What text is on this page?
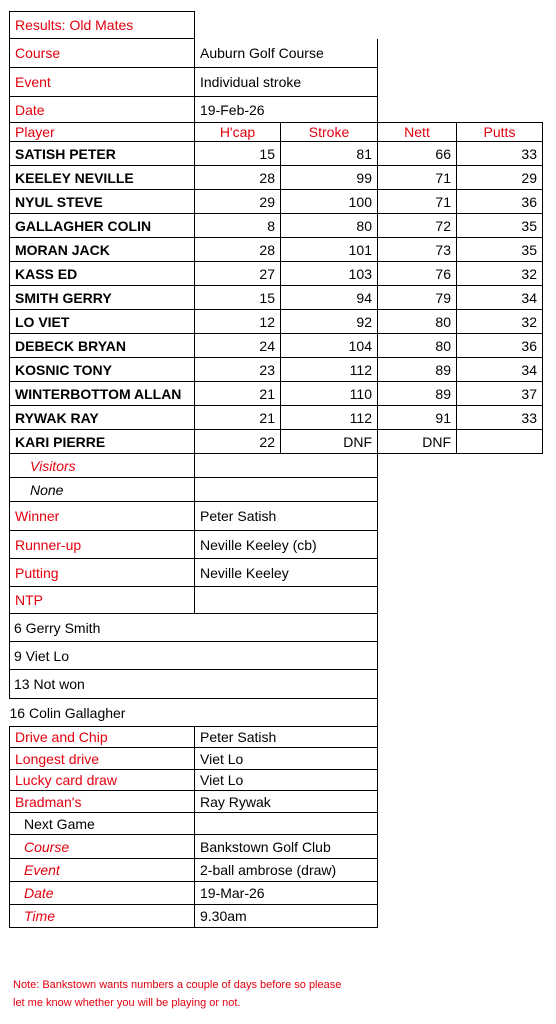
Results: Old Mates				
Course	Auburn Golf Course			
Event	Individual stroke			
Date	19-Feb-26			
Player	H'cap	Stroke	Nett	Putts
SATISH PETER	15	81	66	33
KEELEY NEVILLE	28	99	71	29
NYUL STEVE	29	100	71	36
GALLAGHER COLIN	8	80	72	35
MORAN JACK	28	101	73	35
KASS ED	27	103	76	32
SMITH GERRY	15	94	79	34
LO VIET	12	92	80	32
DEBECK BRYAN	24	104	80	36
KOSNIC TONY	23	112	89	34
WINTERBOTTOM ALLAN	21	110	89	37
RYWAK RAY	21	112	91	33
KARI PIERRE	22	DNF	DNF	
Visitors				
None				
Winner	Peter Satish			
Runner-up	Neville Keeley (cb)			
Putting	Neville Keeley			
NTP				
6 Gerry Smith				
9 Viet Lo				
13 Not won				
16 Colin Gallagher				
Drive and Chip	Peter Satish			
Longest drive	Viet Lo			
Lucky card draw	Viet Lo			
Bradman's	Ray Rywak			
Next Game				
Course	Bankstown Golf Club			
Event	2-ball ambrose (draw)			
Date	19-Mar-26			
Time	9.30am			
Note: Bankstown wants numbers a couple of days before so please
let me know whether you will be playing or not.
